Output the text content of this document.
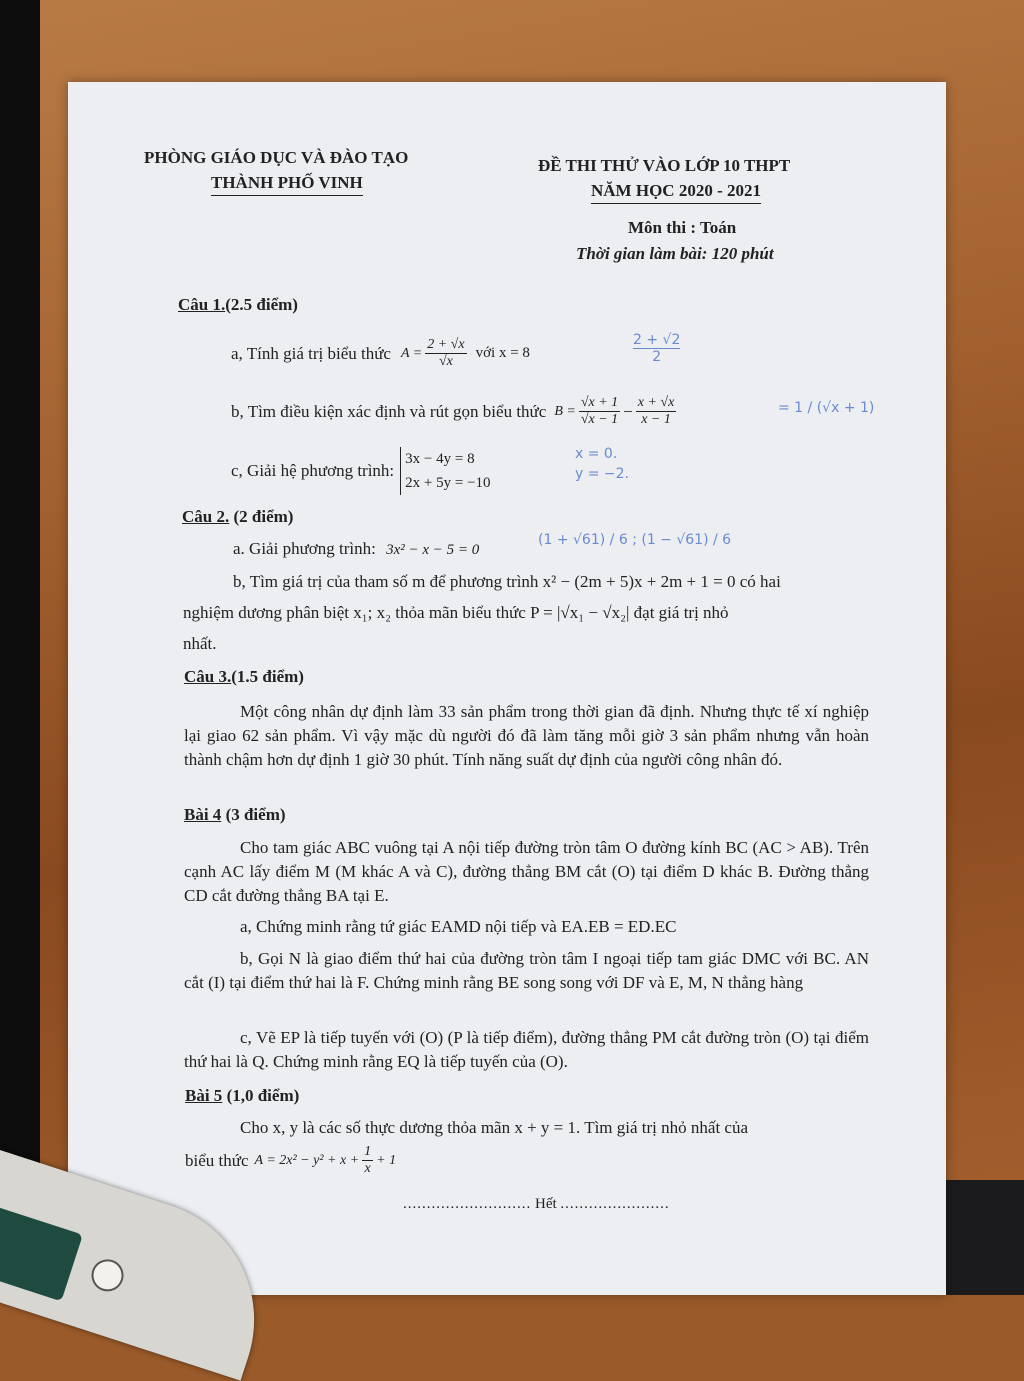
PHÒNG GIÁO DỤC VÀ ĐÀO TẠO
THÀNH PHỐ VINH
ĐỀ THI THỬ VÀO LỚP 10 THPT
NĂM HỌC 2020 - 2021
Môn thi : Toán
Thời gian làm bài: 120 phút
Câu 1.(2.5 điểm)
a, Tính giá trị biểu thức $A = \frac{2 + √x}{√x}$ với x = 8	$\frac{2 + √2}{2}$
b, Tìm điều kiện xác định và rút gọn biểu thức $B = \frac{√x + 1}{√x - 1} - \frac{x + √x}{x - 1}$	= 1 / (√x + 1)
c, Giải hệ phương trình:
3x − 4y = 8
2x + 5y = −10
x = 0.
y = −2.
Câu 2. (2 điểm)
a. Giải phương trình: 3x² − x − 5 = 0
(1 + √61) / 6 ; (1 − √61) / 6
b, Tìm giá trị của tham số m để phương trình x² − (2m + 5)x + 2m + 1 = 0 có hai
nghiệm dương phân biệt x₁; x₂ thỏa mãn biểu thức P = |√x₁ − √x₂| đạt giá trị nhỏ
nhất.
Câu 3.(1.5 điểm)
Một công nhân dự định làm 33 sản phẩm trong thời gian đã định. Nhưng thực tế xí nghiệp lại giao 62 sản phẩm. Vì vậy mặc dù người đó đã làm tăng mỗi giờ 3 sản phẩm nhưng vẫn hoàn thành chậm hơn dự định 1 giờ 30 phút. Tính năng suất dự định của người công nhân đó.
Bài 4 (3 điểm)
Cho tam giác ABC vuông tại A nội tiếp đường tròn tâm O đường kính BC (AC > AB). Trên cạnh AC lấy điểm M (M khác A và C), đường thẳng BM cắt (O) tại điểm D khác B. Đường thẳng CD cắt đường thẳng BA tại E.
a, Chứng minh rằng tứ giác EAMD nội tiếp và EA.EB = ED.EC
b, Gọi N là giao điểm thứ hai của đường tròn tâm I ngoại tiếp tam giác DMC với BC. AN cắt (I) tại điểm thứ hai là F. Chứng minh rằng BE song song với DF và E, M, N thẳng hàng
c, Vẽ EP là tiếp tuyến với (O) (P là tiếp điểm), đường thẳng PM cắt đường tròn (O) tại điểm thứ hai là Q. Chứng minh rằng EQ là tiếp tuyến của (O).
Bài 5 (1,0 điểm)
Cho x, y là các số thực dương thỏa mãn x + y = 1. Tìm giá trị nhỏ nhất của
biểu thức $A = 2x^2 - y^2 + x + \frac{1}{x} + 1$
........................... Hết .......................
